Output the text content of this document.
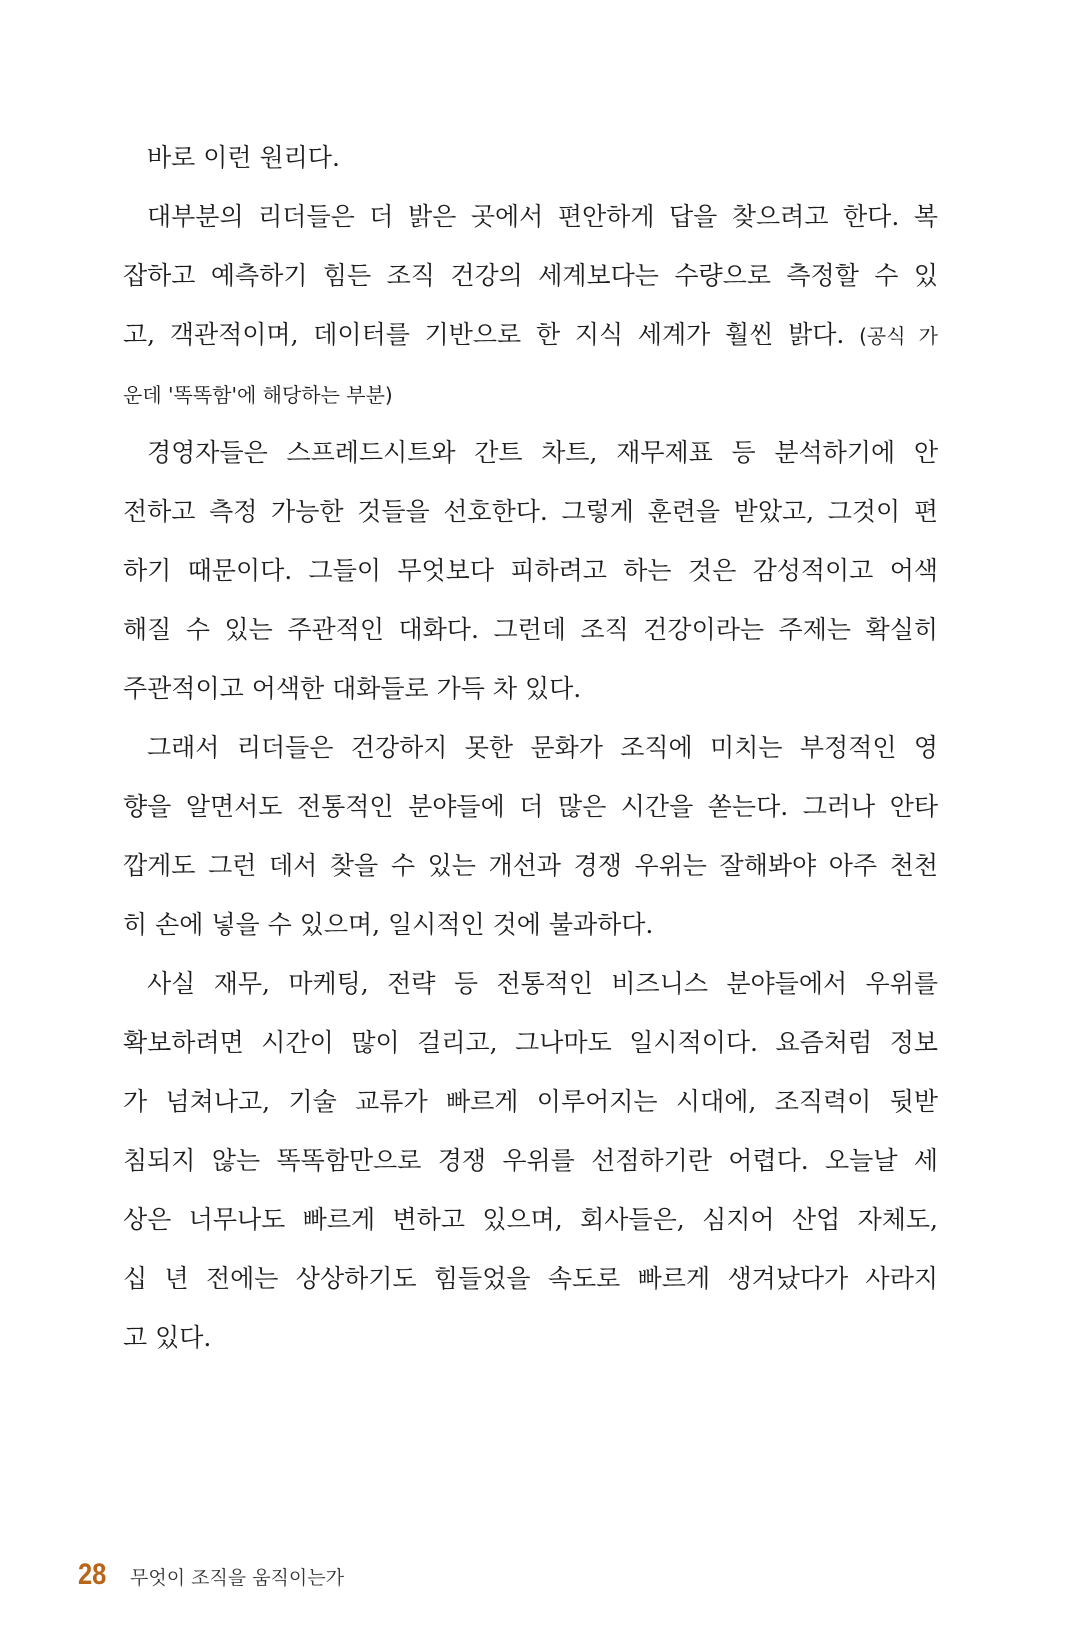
바로 이런 원리다.
대부분의 리더들은 더 밝은 곳에서 편안하게 답을 찾으려고 한다. 복
잡하고 예측하기 힘든 조직 건강의 세계보다는 수량으로 측정할 수 있
고, 객관적이며, 데이터를 기반으로 한 지식 세계가 훨씬 밝다. (공식 가
운데 '똑똑함'에 해당하는 부분)
경영자들은 스프레드시트와 간트 차트, 재무제표 등 분석하기에 안
전하고 측정 가능한 것들을 선호한다. 그렇게 훈련을 받았고, 그것이 편
하기 때문이다. 그들이 무엇보다 피하려고 하는 것은 감성적이고 어색
해질 수 있는 주관적인 대화다. 그런데 조직 건강이라는 주제는 확실히
주관적이고 어색한 대화들로 가득 차 있다.
그래서 리더들은 건강하지 못한 문화가 조직에 미치는 부정적인 영
향을 알면서도 전통적인 분야들에 더 많은 시간을 쏟는다. 그러나 안타
깝게도 그런 데서 찾을 수 있는 개선과 경쟁 우위는 잘해봐야 아주 천천
히 손에 넣을 수 있으며, 일시적인 것에 불과하다.
사실 재무, 마케팅, 전략 등 전통적인 비즈니스 분야들에서 우위를
확보하려면 시간이 많이 걸리고, 그나마도 일시적이다. 요즘처럼 정보
가 넘쳐나고, 기술 교류가 빠르게 이루어지는 시대에, 조직력이 뒷받
침되지 않는 똑똑함만으로 경쟁 우위를 선점하기란 어렵다. 오늘날 세
상은 너무나도 빠르게 변하고 있으며, 회사들은, 심지어 산업 자체도,
십 년 전에는 상상하기도 힘들었을 속도로 빠르게 생겨났다가 사라지
고 있다.
28 무엇이 조직을 움직이는가
